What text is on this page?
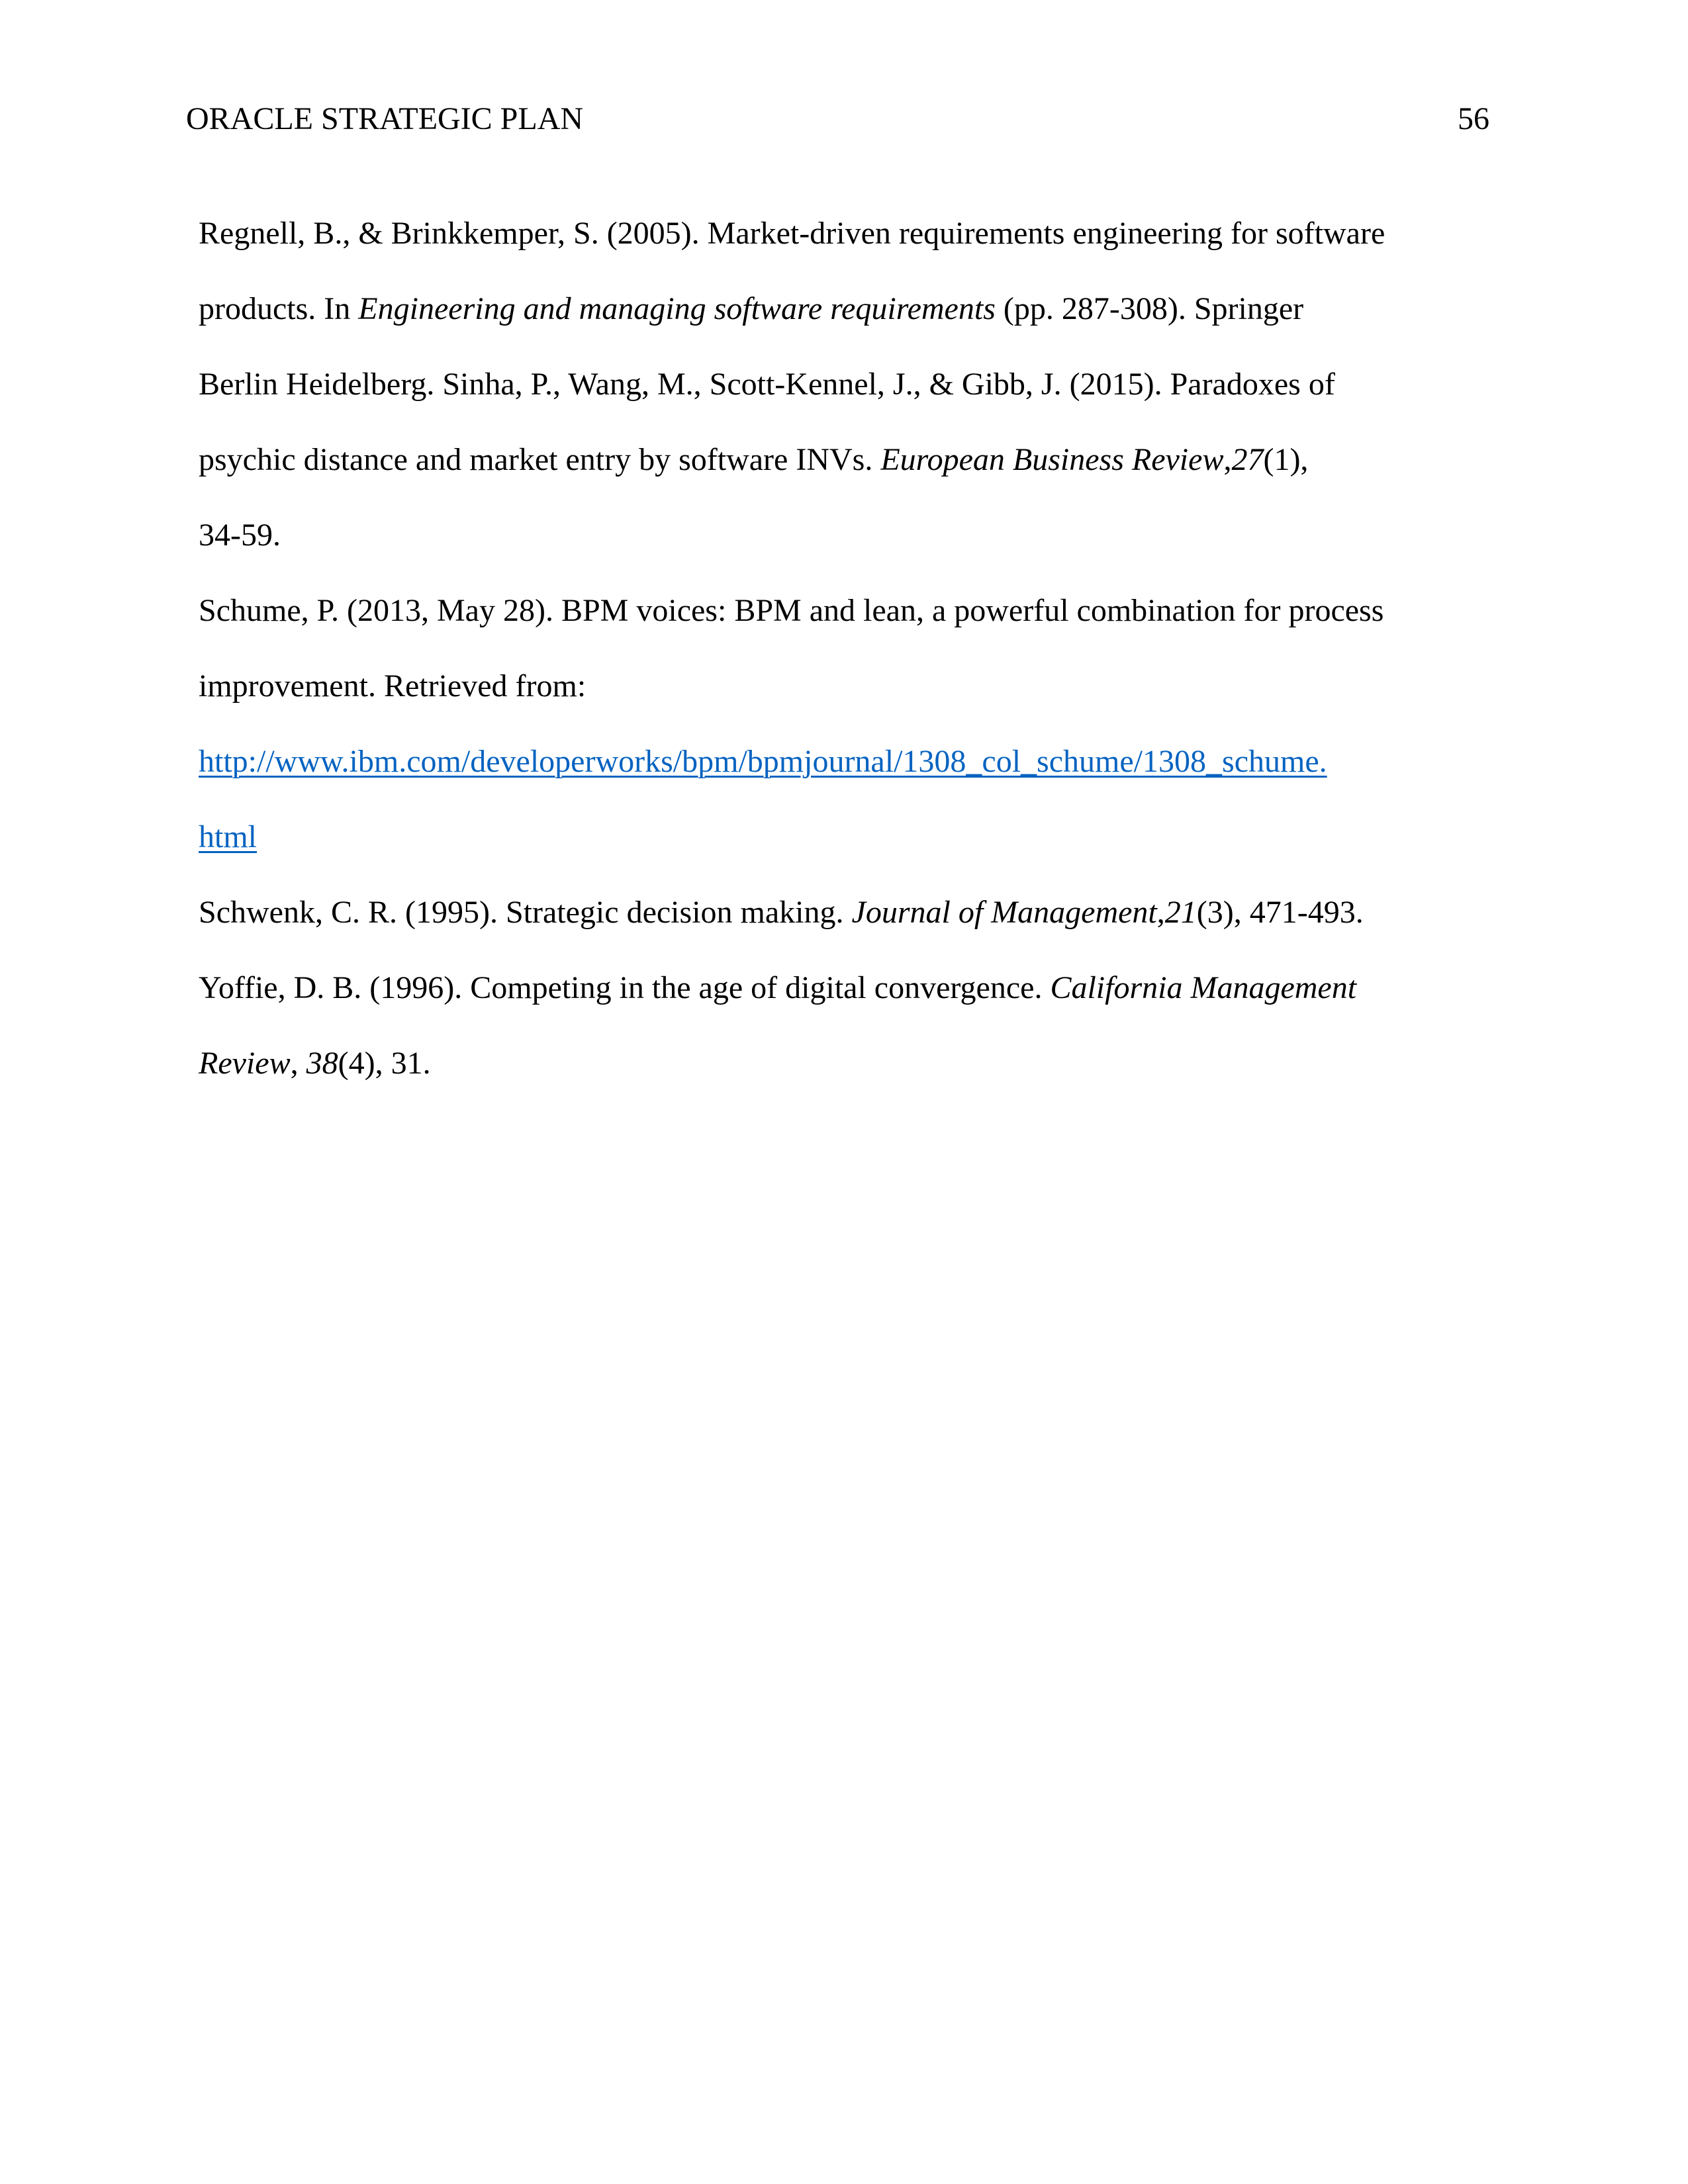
ORACLE STRATEGIC PLAN	56

Regnell, B., & Brinkkemper, S. (2005). Market-driven requirements engineering for software
products. In Engineering and managing software requirements (pp. 287-308). Springer
Berlin Heidelberg. Sinha, P., Wang, M., Scott-Kennel, J., & Gibb, J. (2015). Paradoxes of
psychic distance and market entry by software INVs. European Business Review,27(1),
34-59.

Schume, P. (2013, May 28). BPM voices: BPM and lean, a powerful combination for process
improvement. Retrieved from:
http://www.ibm.com/developerworks/bpm/bpmjournal/1308_col_schume/1308_schume.
html

Schwenk, C. R. (1995). Strategic decision making. Journal of Management,21(3), 471-493.

Yoffie, D. B. (1996). Competing in the age of digital convergence. California Management
Review, 38(4), 31.
